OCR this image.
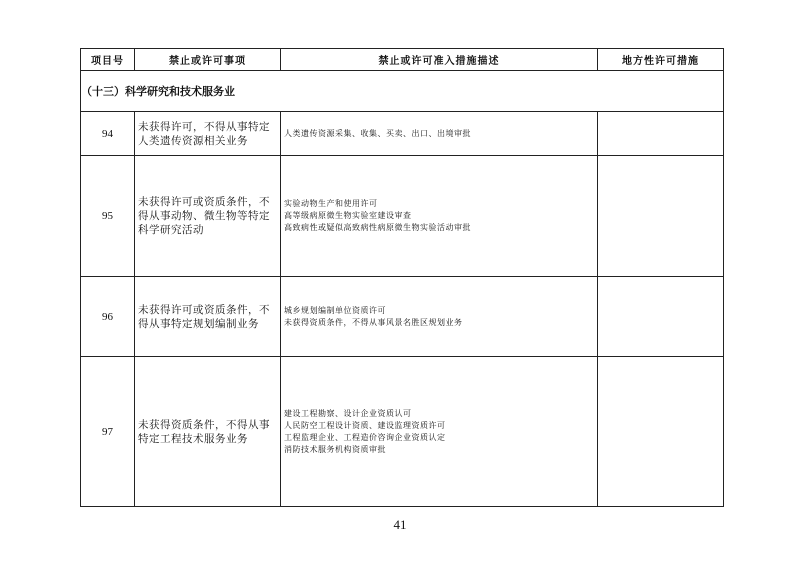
项目号	禁止或许可事项	禁止或许可准入措施描述	地方性许可措施
（十三）科学研究和技术服务业			
94	未获得许可，不得从事特定人类遗传资源相关业务	人类遗传资源采集、收集、买卖、出口、出境审批	

95	未获得许可或资质条件，不得从事动物、微生物等特定科学研究活动	实验动物生产和使用许可
高等级病原微生物实验室建设审查
高致病性或疑似高致病性病原微生物实验活动审批	

96	未获得许可或资质条件，不得从事特定规划编制业务	城乡规划编制单位资质许可
未获得资质条件，不得从事风景名胜区规划业务	

97	未获得资质条件，不得从事特定工程技术服务业务	建设工程勘察、设计企业资质认可
人民防空工程设计资质、建设监理资质许可
工程监理企业、工程造价咨询企业资质认定
消防技术服务机构资质审批	

41
